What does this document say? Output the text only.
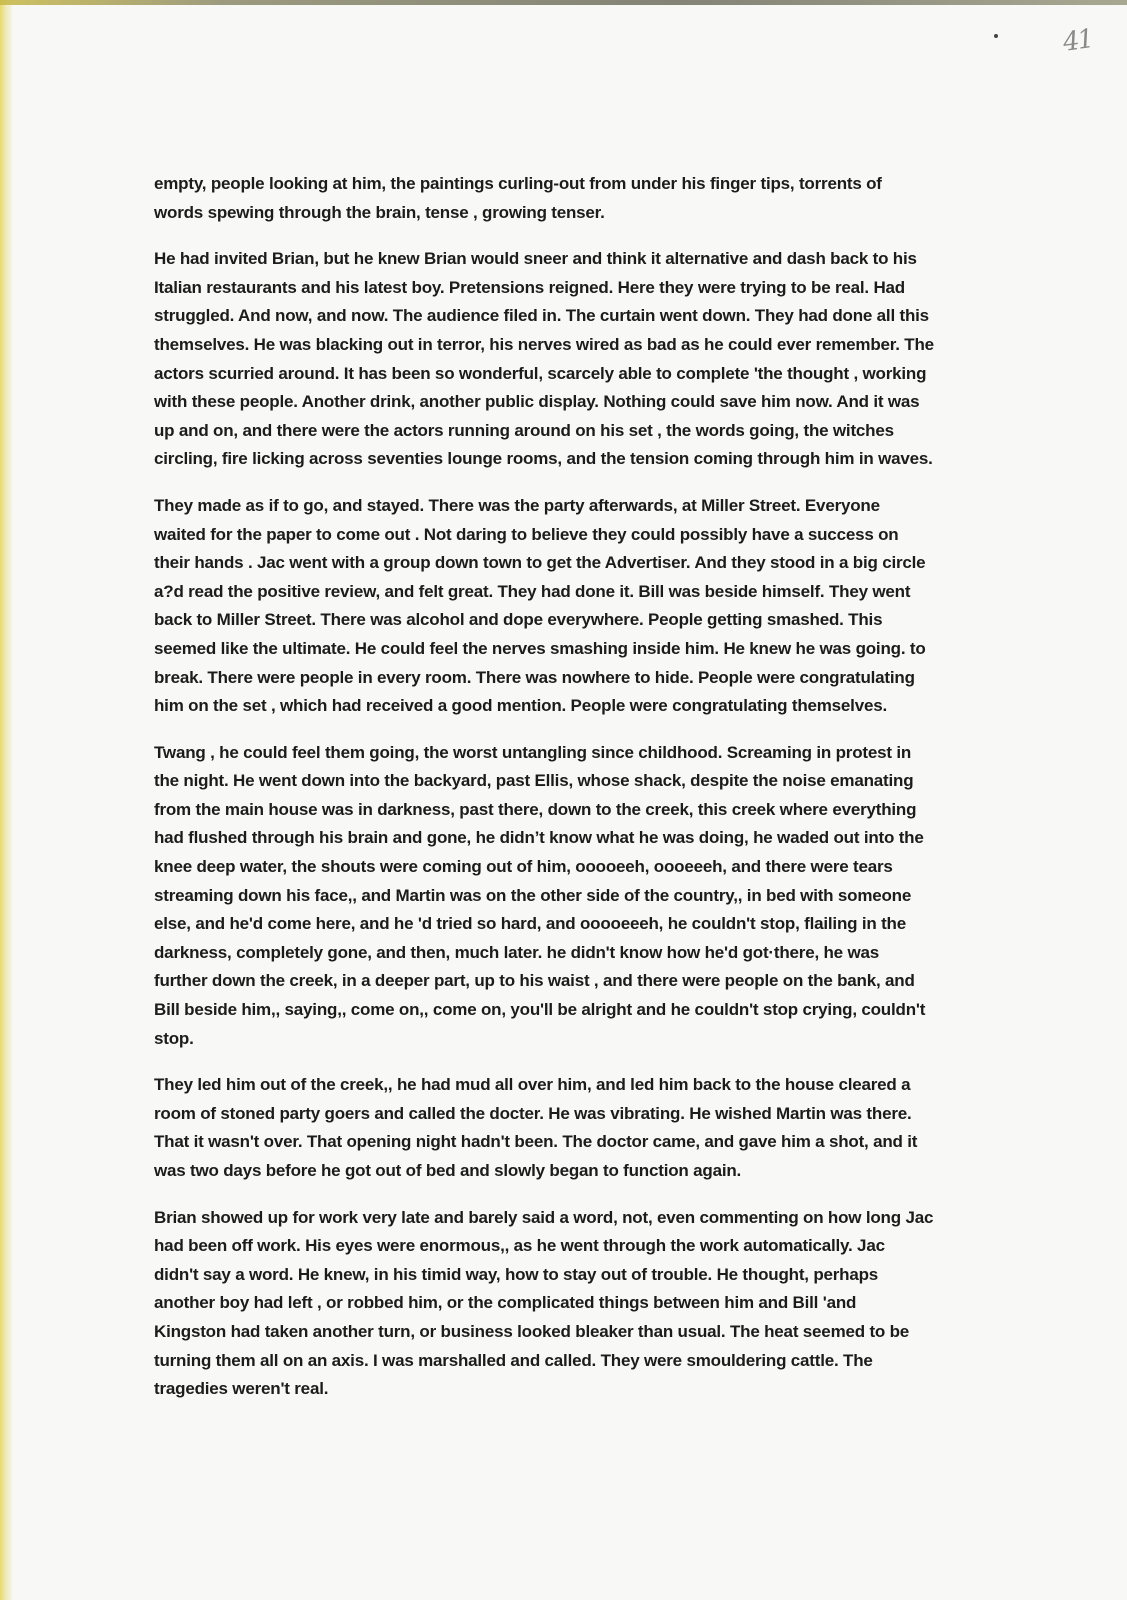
41

empty, people looking at him, the paintings curling-out from under his finger tips, torrents of
words spewing through the brain, tense , growing tenser.

He had invited Brian, but he knew Brian would sneer and think it alternative and dash back to his
Italian restaurants and his latest boy. Pretensions reigned. Here they were trying to be real. Had
struggled. And now, and now. The audience filed in. The curtain went down. They had done all this
themselves. He was blacking out in terror, his nerves wired as bad as he could ever remember. The
actors scurried around. It has been so wonderful, scarcely able to complete 'the thought , working
with these people. Another drink, another public display. Nothing could save him now. And it was
up and on, and there were the actors running around on his set , the words going, the witches
circling, fire licking across seventies lounge rooms, and the tension coming through him in waves.

They made as if to go, and stayed. There was the party afterwards, at Miller Street. Everyone
waited for the paper to come out . Not daring to believe they could possibly have a success on
their hands . Jac went with a group down town to get the Advertiser. And they stood in a big circle
a?d read the positive review, and felt great. They had done it. Bill was beside himself. They went
back to Miller Street. There was alcohol and dope everywhere. People getting smashed. This
seemed like the ultimate. He could feel the nerves smashing inside him. He knew he was going. to
break. There were people in every room. There was nowhere to hide. People were congratulating
him on the set , which had received a good mention. People were congratulating themselves.

Twang , he could feel them going, the worst untangling since childhood. Screaming in protest in
the night. He went down into the backyard, past Ellis, whose shack, despite the noise emanating
from the main house was in darkness, past there, down to the creek, this creek where everything
had flushed through his brain and gone, he didn’t know what he was doing, he waded out into the
knee deep water, the shouts were coming out of him, ooooeeh, oooeeeh, and there were tears
streaming down his face,, and Martin was on the other side of the country,, in bed with someone
else, and he'd come here, and he 'd tried so hard, and ooooeeeh, he couldn't stop, flailing in the
darkness, completely gone, and then, much later. he didn't know how he'd got·there, he was
further down the creek, in a deeper part, up to his waist , and there were people on the bank, and
Bill beside him,, saying,, come on,, come on, you'll be alright and he couldn't stop crying, couldn't
stop.

They led him out of the creek,, he had mud all over him, and led him back to the house cleared a
room of stoned party goers and called the docter. He was vibrating. He wished Martin was there.
That it wasn't over. That opening night hadn't been. The doctor came, and gave him a shot, and it
was two days before he got out of bed and slowly began to function again.

Brian showed up for work very late and barely said a word, not, even commenting on how long Jac
had been off work. His eyes were enormous,, as he went through the work automatically. Jac
didn't say a word. He knew, in his timid way, how to stay out of trouble. He thought, perhaps
another boy had left , or robbed him, or the complicated things between him and Bill 'and
Kingston had taken another turn, or business looked bleaker than usual. The heat seemed to be
turning them all on an axis. I was marshalled and called. They were smouldering cattle. The
tragedies weren't real.
